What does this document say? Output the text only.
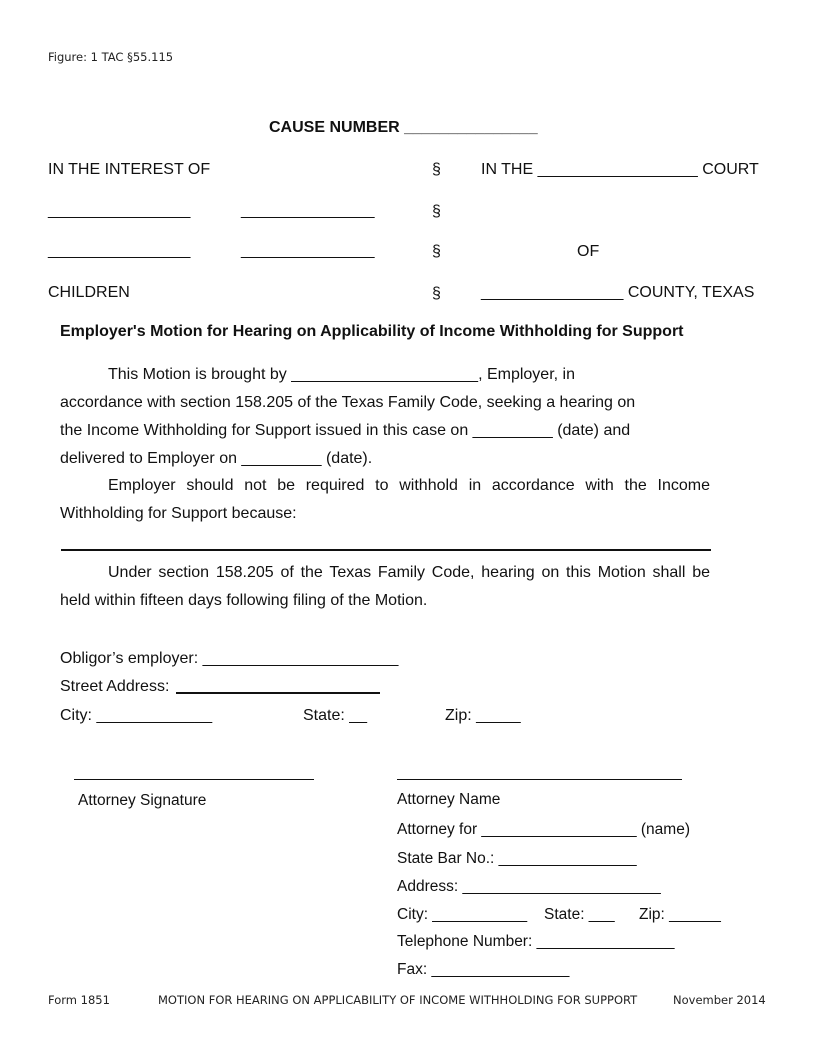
Figure: 1 TAC §55.115
CAUSE NUMBER _______________
IN THE INTEREST OF	§	IN THE __________________ COURT
________________	_______________	§
________________	_______________	§	OF
CHILDREN	§	________________ COUNTY, TEXAS
Employer's Motion for Hearing on Applicability of Income Withholding for Support
This Motion is brought by _____________________, Employer, in
accordance with section 158.205 of the Texas Family Code, seeking a hearing on
the Income Withholding for Support issued in this case on _________ (date) and
delivered to Employer on _________ (date).
Employer should not be required to withhold in accordance with the Income Withholding for Support because:
Under section 158.205 of the Texas Family Code, hearing on this Motion shall be held within fifteen days following filing of the Motion.
Obligor’s employer: ______________________
Street Address:
City: _____________	State: __	Zip: _____
Attorney Signature	Attorney Name
Attorney for __________________ (name)
State Bar No.: ________________
Address: _______________________
City: ___________ State: ___ Zip: ______
Telephone Number: ________________
Fax: ________________
Form 1851	MOTION FOR HEARING ON APPLICABILITY OF INCOME WITHHOLDING FOR SUPPORT	November 2014
